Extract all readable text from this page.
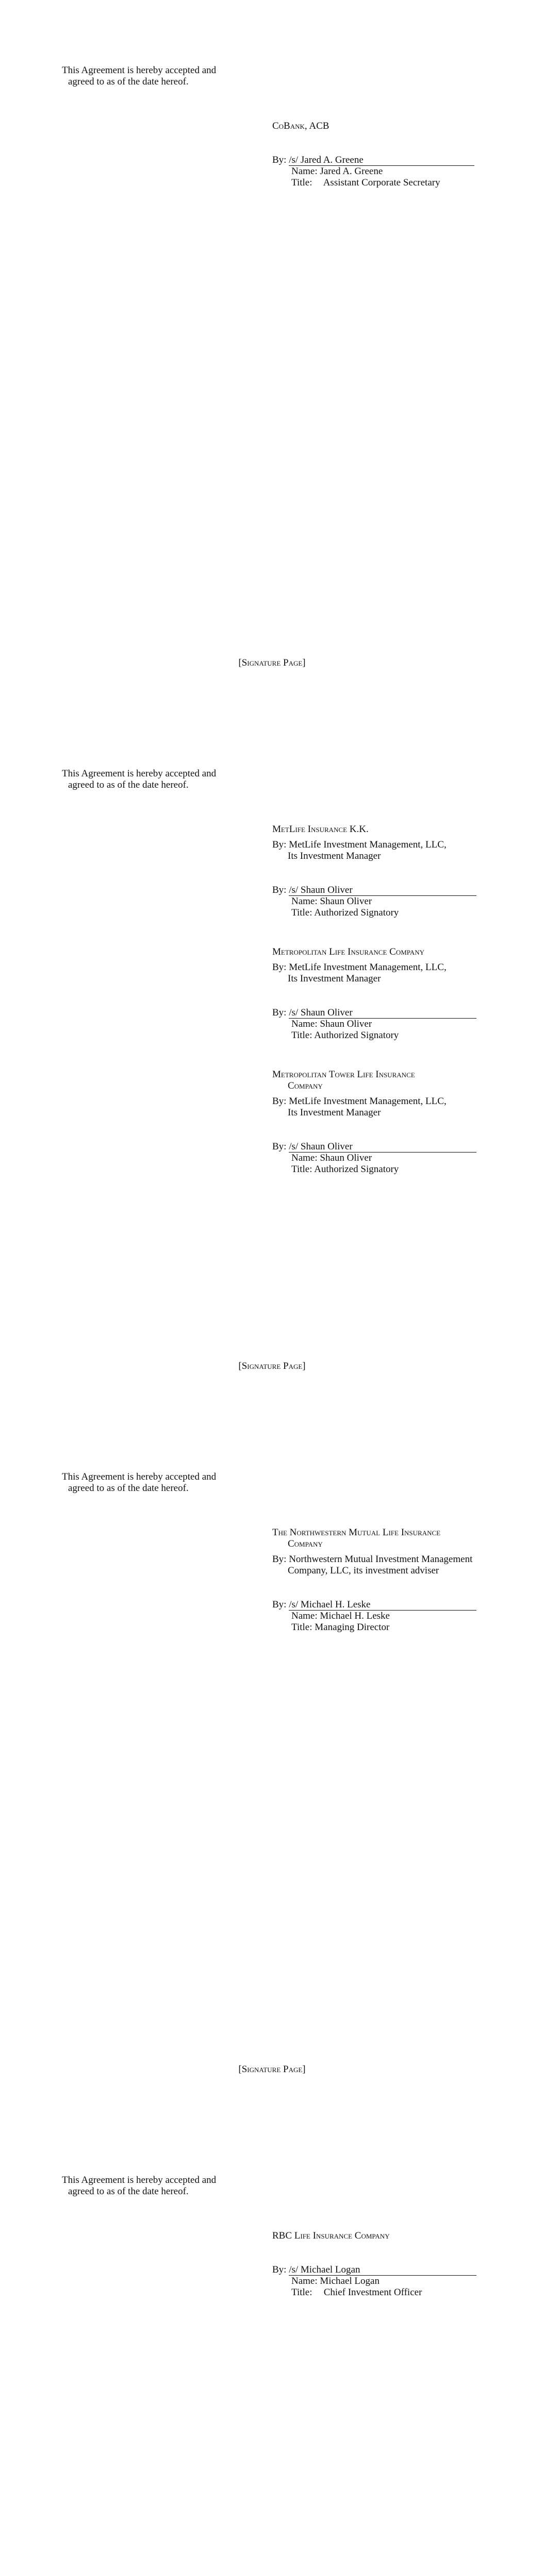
This Agreement is hereby accepted and
agreed to as of the date hereof.
CoBank, ACB
By: /s/ Jared A. Greene
Name: Jared A. Greene
Title: Assistant Corporate Secretary
[Signature Page]
This Agreement is hereby accepted and
agreed to as of the date hereof.
MetLife Insurance K.K.
By: MetLife Investment Management, LLC,
Its Investment Manager
By: /s/ Shaun Oliver
Name: Shaun Oliver
Title: Authorized Signatory
Metropolitan Life Insurance Company
By: MetLife Investment Management, LLC,
Its Investment Manager
By: /s/ Shaun Oliver
Name: Shaun Oliver
Title: Authorized Signatory
Metropolitan Tower Life Insurance
Company
By: MetLife Investment Management, LLC,
Its Investment Manager
By: /s/ Shaun Oliver
Name: Shaun Oliver
Title: Authorized Signatory
[Signature Page]
This Agreement is hereby accepted and
agreed to as of the date hereof.
The Northwestern Mutual Life Insurance
Company
By: Northwestern Mutual Investment Management
Company, LLC, its investment adviser
By: /s/ Michael H. Leske
Name: Michael H. Leske
Title: Managing Director
[Signature Page]
This Agreement is hereby accepted and
agreed to as of the date hereof.
RBC Life Insurance Company
By: /s/ Michael Logan
Name: Michael Logan
Title: Chief Investment Officer
